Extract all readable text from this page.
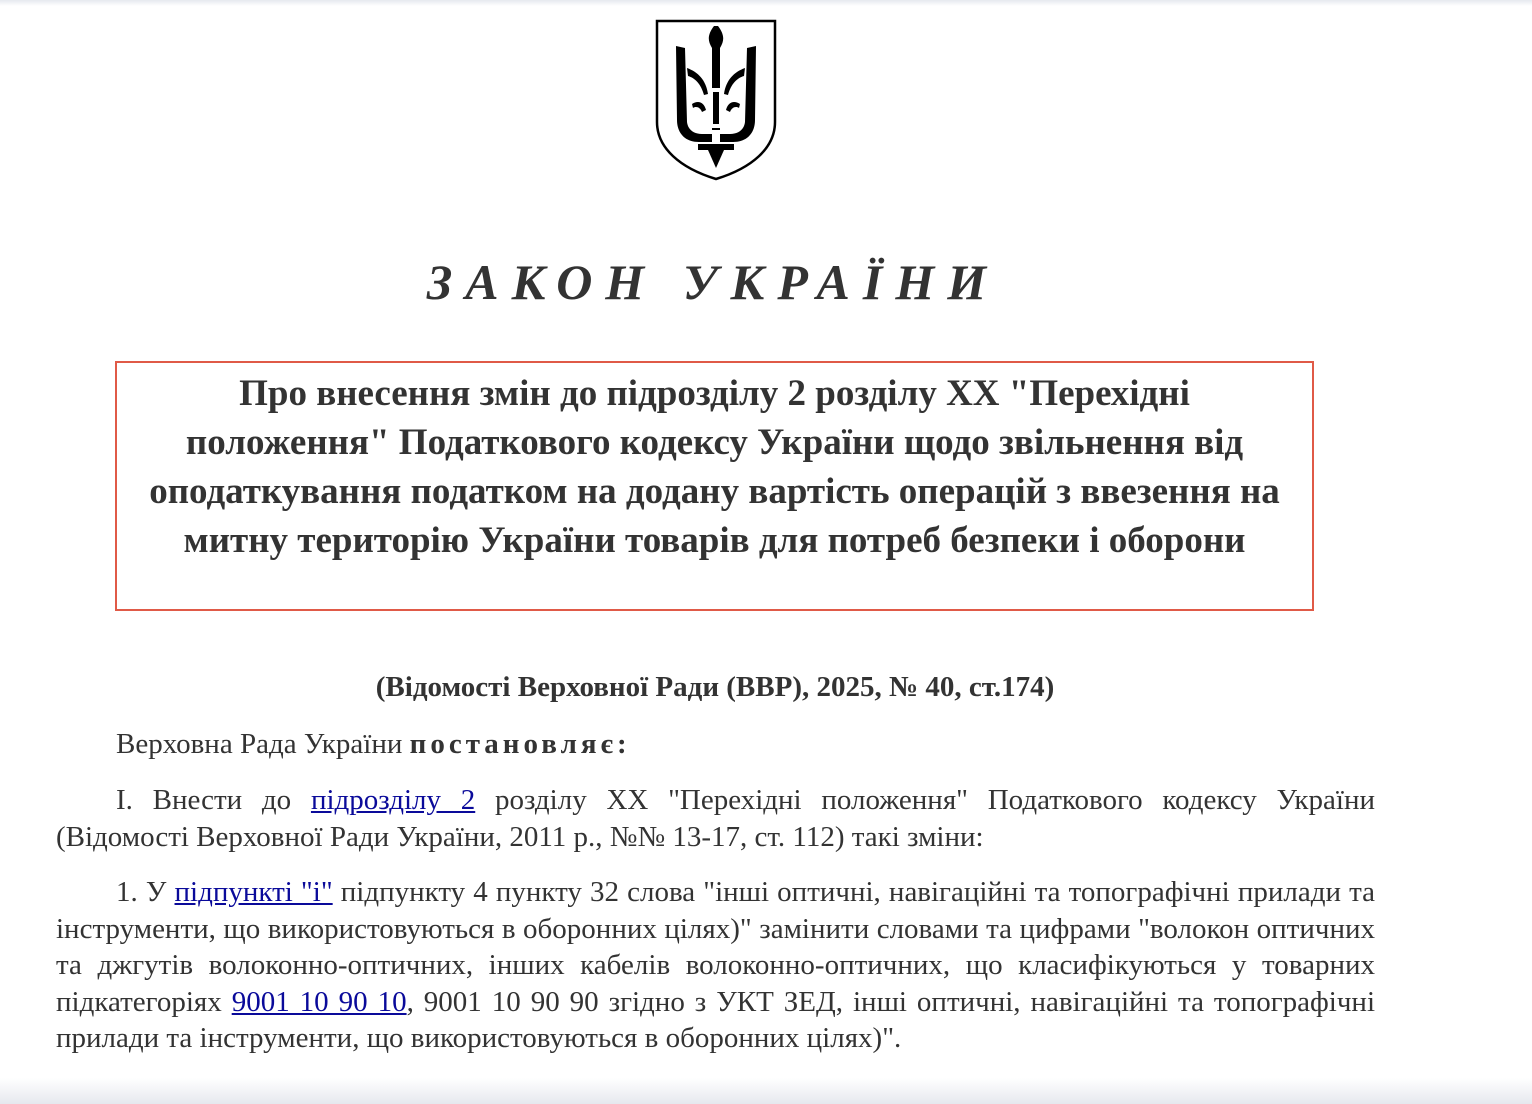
ЗАКОН УКРАЇНИ
Про внесення змін до підрозділу 2 розділу XX "Перехідні положення" Податкового кодексу України щодо звільнення від оподаткування податком на додану вартість операцій з ввезення на митну територію України товарів для потреб безпеки і оборони
(Відомості Верховної Ради (ВВР), 2025, № 40, ст.174)

Верховна Рада України постановляє:

I. Внести до підрозділу 2 розділу XX "Перехідні положення" Податкового кодексу України (Відомості Верховної Ради України, 2011 р., №№ 13-17, ст. 112) такі зміни:

1. У підпункті "і" підпункту 4 пункту 32 слова "інші оптичні, навігаційні та топографічні прилади та інструменти, що використовуються в оборонних цілях)" замінити словами та цифрами "волокон оптичних та джгутів волоконно-оптичних, інших кабелів волоконно-оптичних, що класифікуються у товарних підкатегоріях 9001 10 90 10, 9001 10 90 90 згідно з УКТ ЗЕД, інші оптичні, навігаційні та топографічні прилади та інструменти, що використовуються в оборонних цілях)".
